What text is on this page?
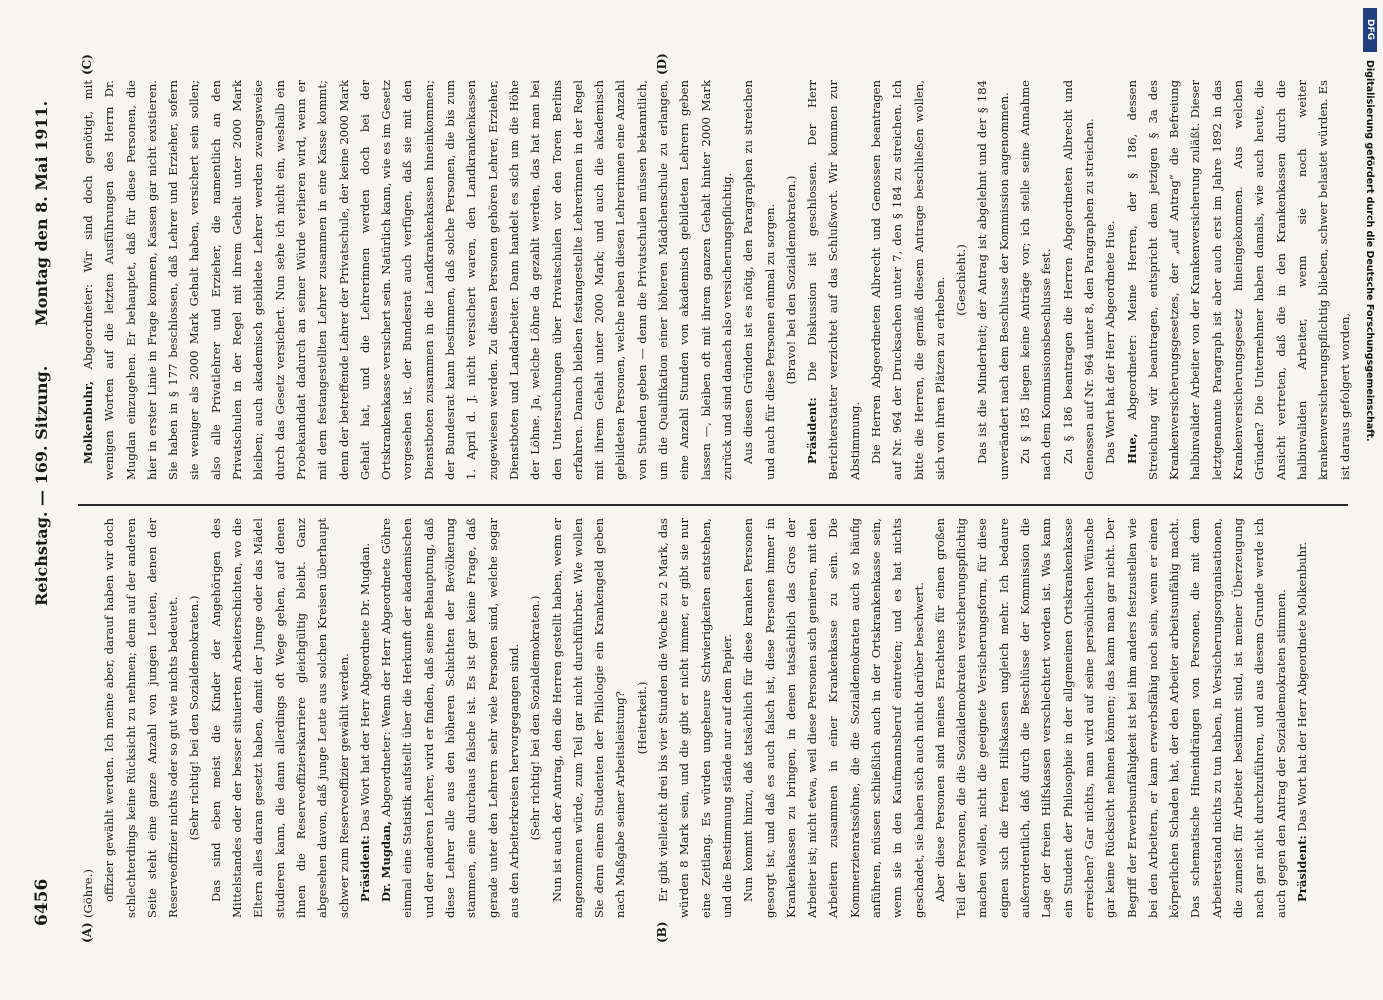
6456
Reichstag. — 169. Sitzung.
Montag den 8. Mai 1911.
(A)	(B)
(C)	(D)

(Göhre.) offizier gewählt werden. Ich meine aber, darauf haben wir doch schlechterdings keine Rücksicht zu nehmen; denn auf der anderen Seite steht eine ganze Anzahl von jungen Leuten, denen der Reserveoffizier nichts oder so gut wie nichts bedeutet. (Sehr richtig! bei den Sozialdemokraten.) Das sind eben meist die Kinder der Angehörigen des Mittelstandes oder der besser situierten Arbeiterschichten, wo die Eltern alles daran gesetzt haben, damit der Junge oder das Mädel studieren kann, die dann allerdings oft Wege gehen, auf denen ihnen die Reserveoffizierskarriere gleichgültig bleibt. Ganz abgesehen davon, daß junge Leute aus solchen Kreisen überhaupt schwer zum Reserveoffizier gewählt werden. Präsident: Das Wort hat der Herr Abgeordnete Dr. Mugdan.

Dr. Mugdan, Abgeordneter: Wenn der Herr Abgeordnete Göhre einmal eine Statistik aufstellt über die Herkunft der akademischen und der anderen Lehrer, wird er finden, daß seine Behauptung, daß diese Lehrer alle aus den höheren Schichten der Bevölkerung stammen, eine durchaus falsche ist. Es ist gar keine Frage, daß gerade unter den Lehrern sehr viele Personen sind, welche sogar aus den Arbeiterkreisen hervorgegangen sind. (Sehr richtig! bei den Sozialdemokraten.) Nun ist auch der Antrag, den die Herren gestellt haben, wenn er angenommen würde, zum Teil gar nicht durchführbar. Wie wollen Sie denn einem Studenten der Philologie ein Krankengeld geben nach Maßgabe seiner Arbeitsleistung? (Heiterkeit.) Er gibt vielleicht drei bis vier Stunden die Woche zu 2 Mark, das würden 8 Mark sein, und die gibt er nicht immer, er gibt sie nur eine Zeitlang. Es würden ungeheure Schwierigkeiten entstehen, und die Bestimmung stände nur auf dem Papier. Nun kommt hinzu, daß tatsächlich für diese kranken Personen gesorgt ist, und daß es auch falsch ist, diese Personen immer in Krankenkassen zu bringen, in denen tatsächlich das Gros der Arbeiter ist; nicht etwa, weil diese Personen sich genieren, mit den Arbeitern zusammen in einer Krankenkasse zu sein. Die Kommerzienratssöhne, die die Sozialdemokraten auch so häufig anführen, müssen schließlich auch in der Ortskrankenkasse sein, wenn sie in den Kaufmannsberuf eintreten; und es hat nichts geschadet, sie haben sich auch nicht darüber beschwert. Aber diese Personen sind meines Erachtens für einen großen Teil der Personen, die die Sozialdemokraten versicherungspflichtig machen wollen, nicht die geeignete Versicherungsform, für diese eignen sich die freien Hilfskassen ungleich mehr. Ich bedaure außerordentlich, daß durch die Beschlüsse der Kommission die Lage der freien Hilfskassen verschlechtert worden ist. Was kann ein Student der Philosophie in der allgemeinen Ortskrankenkasse erreichen? Gar nichts, man wird auf seine persönlichen Wünsche gar keine Rücksicht nehmen können; das kann man gar nicht. Der Begriff der Erwerbsunfähigkeit ist bei ihm anders festzustellen wie bei den Arbeitern, er kann erwerbsfähig noch sein, wenn er einen körperlichen Schaden hat, der den Arbeiter arbeitsunfähig macht. Das schematische Hineindrängen von Personen, die mit dem Arbeiterstand nichts zu tun haben, in Versicherungsorganisationen, die zumeist für Arbeiter bestimmt sind, ist meiner Überzeugung nach gar nicht durchzuführen, und aus diesem Grunde werde ich auch gegen den Antrag der Sozialdemokraten stimmen. Präsident: Das Wort hat der Herr Abgeordnete Molkenbuhr.

Molkenbuhr, Abgeordneter: Wir sind doch genötigt, mit wenigen Worten auf die letzten Ausführungen des Herrn Dr. Mugdan einzugehen. Er behauptet, daß für diese Personen, die hier in erster Linie in Frage kommen, Kassen gar nicht existieren. Sie haben in § 177 beschlossen, daß Lehrer und Erzieher, sofern sie weniger als 2000 Mark Gehalt haben, versichert sein sollen; also alle Privatlehrer und Erzieher, die namentlich an den Privatschulen in der Regel mit ihrem Gehalt unter 2000 Mark bleiben; auch akademisch gebildete Lehrer werden zwangsweise durch das Gesetz versichert. Nun sehe ich nicht ein, weshalb ein Probekandidat dadurch an seiner Würde verlieren wird, wenn er mit dem festangestellten Lehrer zusammen in eine Kasse kommt; denn der betreffende Lehrer der Privatschule, der keine 2000 Mark Gehalt hat, und die Lehrerinnen werden doch bei der Ortskrankenkasse versichert sein. Natürlich kann, wie es im Gesetz vorgesehen ist, der Bundesrat auch verfügen, daß sie mit den Dienstboten zusammen in die Landkrankenkassen hineinkommen; der Bundesrat kann bestimmen, daß solche Personen, die bis zum 1. April d. J. nicht versichert waren, den Landkrankenkassen zugewiesen werden. Zu diesen Personen gehören Lehrer, Erzieher, Dienstboten und Landarbeiter. Dann handelt es sich um die Höhe der Löhne. Ja, welche Löhne da gezahlt werden, das hat man bei den Untersuchungen über Privatschulen vor den Toren Berlins erfahren. Danach bleiben festangestellte Lehrerinnen in der Regel mit ihrem Gehalt unter 2000 Mark; und auch die akademisch gebildeten Personen, welche neben diesen Lehrerinnen eine Anzahl von Stunden geben — denn die Privatschulen müssen bekanntlich, um die Qualifikation einer höheren Mädchenschule zu erlangen, eine Anzahl Stunden von akademisch gebildeten Lehrern geben lassen —, bleiben oft mit ihrem ganzen Gehalt hinter 2000 Mark zurück und sind danach also versicherungspflichtig. Aus diesen Gründen ist es nötig, den Paragraphen zu streichen und auch für diese Personen einmal zu sorgen. (Bravo! bei den Sozialdemokraten.)

Präsident: Die Diskussion ist geschlossen. Der Herr Berichterstatter verzichtet auf das Schlußwort. Wir kommen zur Abstimmung. Die Herren Abgeordneten Albrecht und Genossen beantragen auf Nr. 964 der Drucksachen unter 7, den § 184 zu streichen. Ich bitte die Herren, die gemäß diesem Antrage beschließen wollen, sich von ihren Plätzen zu erheben. (Geschieht.) Das ist die Minderheit; der Antrag ist abgelehnt und der § 184 unverändert nach dem Beschlusse der Kommission angenommen. Zu § 185 liegen keine Anträge vor; ich stelle seine Annahme nach dem Kommissionsbeschlusse fest. Zu § 186 beantragen die Herren Abgeordneten Albrecht und Genossen auf Nr. 964 unter 8, den Paragraphen zu streichen. Das Wort hat der Herr Abgeordnete Hue. Hue, Abgeordneter: Meine Herren, der § 186, dessen Streichung wir beantragen, entspricht dem jetzigen § 3a des Krankenversicherungsgesetzes, der „auf Antrag“ die Befreiung halbinvalider Arbeiter von der Krankenversicherung zuläßt. Dieser letztgenannte Paragraph ist aber auch erst im Jahre 1892 in das Krankenversicherungsgesetz hineingekommen. Aus welchen Gründen? Die Unternehmer haben damals, wie auch heute, die Ansicht vertreten, daß die in den Krankenkassen durch die halbinvaliden Arbeiter, wenn sie noch weiter krankenversicherungspflichtig blieben, schwer belastet würden. Es ist daraus gefolgert worden,

DFG
Digitalisierung gefördert durch die Deutsche Forschungsgemeinschaft.
